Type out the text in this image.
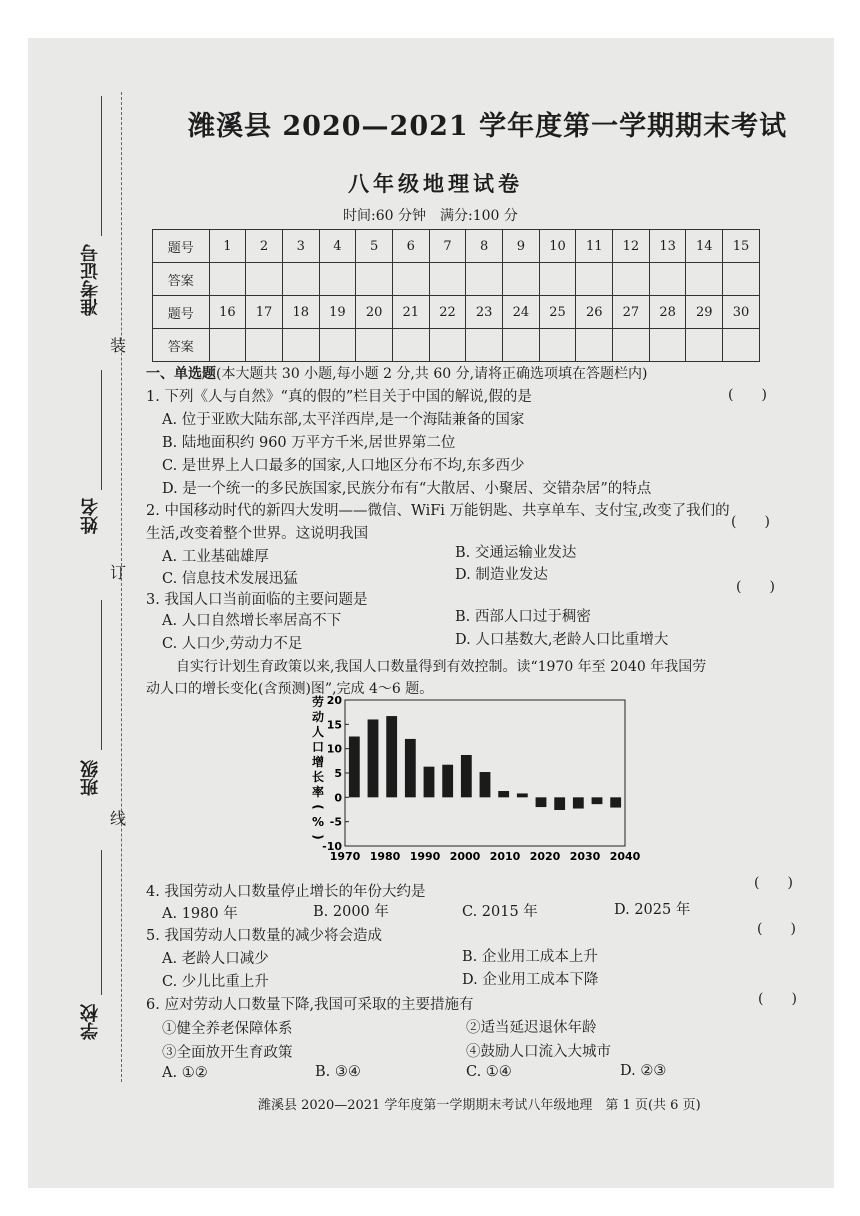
准考证号
姓名
班级
学校
装
订
线
潍溪县 2020—2021 学年度第一学期期末考试
八年级地理试卷
时间:60 分钟　满分:100 分
题号	1	2	3	4	5	6	7	8	9	10	11	12	13	14	15
答案															
题号	16	17	18	19	20	21	22	23	24	25	26	27	28	29	30
答案															
一、单选题(本大题共 30 小题,每小题 2 分,共 60 分,请将正确选项填在答题栏内)
1. 下列《人与自然》“真的假的”栏目关于中国的解说,假的是	(　　)
A. 位于亚欧大陆东部,太平洋西岸,是一个海陆兼备的国家
B. 陆地面积约 960 万平方千米,居世界第二位
C. 是世界上人口最多的国家,人口地区分布不均,东多西少
D. 是一个统一的多民族国家,民族分布有“大散居、小聚居、交错杂居”的特点
2. 中国移动时代的新四大发明——微信、WiFi 万能钥匙、共享单车、支付宝,改变了我们的
生活,改变着整个世界。这说明我国
(　　)
A. 工业基础雄厚	B. 交通运输业发达
C. 信息技术发展迅猛	D. 制造业发达
3. 我国人口当前面临的主要问题是
(　　)
A. 人口自然增长率居高不下	B. 西部人口过于稠密
C. 人口少,劳动力不足	D. 人口基数大,老龄人口比重增大
自实行计划生育政策以来,我国人口数量得到有效控制。读“1970 年至 2040 年我国劳
动人口的增长变化(含预测)图”,完成 4～6 题。
劳
动
人
口
增
长
率
(
%
)
20
15
10
5
0
-5
-10
1970 1980 1990 2000 2010 2020 2030 2040
4. 我国劳动人口数量停止增长的年份大约是
(　　)
A. 1980 年	B. 2000 年	C. 2015 年	D. 2025 年
5. 我国劳动人口数量的减少将会造成	(　　)
A. 老龄人口减少	B. 企业用工成本上升
C. 少儿比重上升	D. 企业用工成本下降
6. 应对劳动人口数量下降,我国可采取的主要措施有	(　　)
①健全养老保障体系	②适当延迟退休年龄
③全面放开生育政策	④鼓励人口流入大城市
A. ①②	B. ③④	C. ①④	D. ②③
潍溪县 2020—2021 学年度第一学期期末考试八年级地理　第 1 页(共 6 页)
